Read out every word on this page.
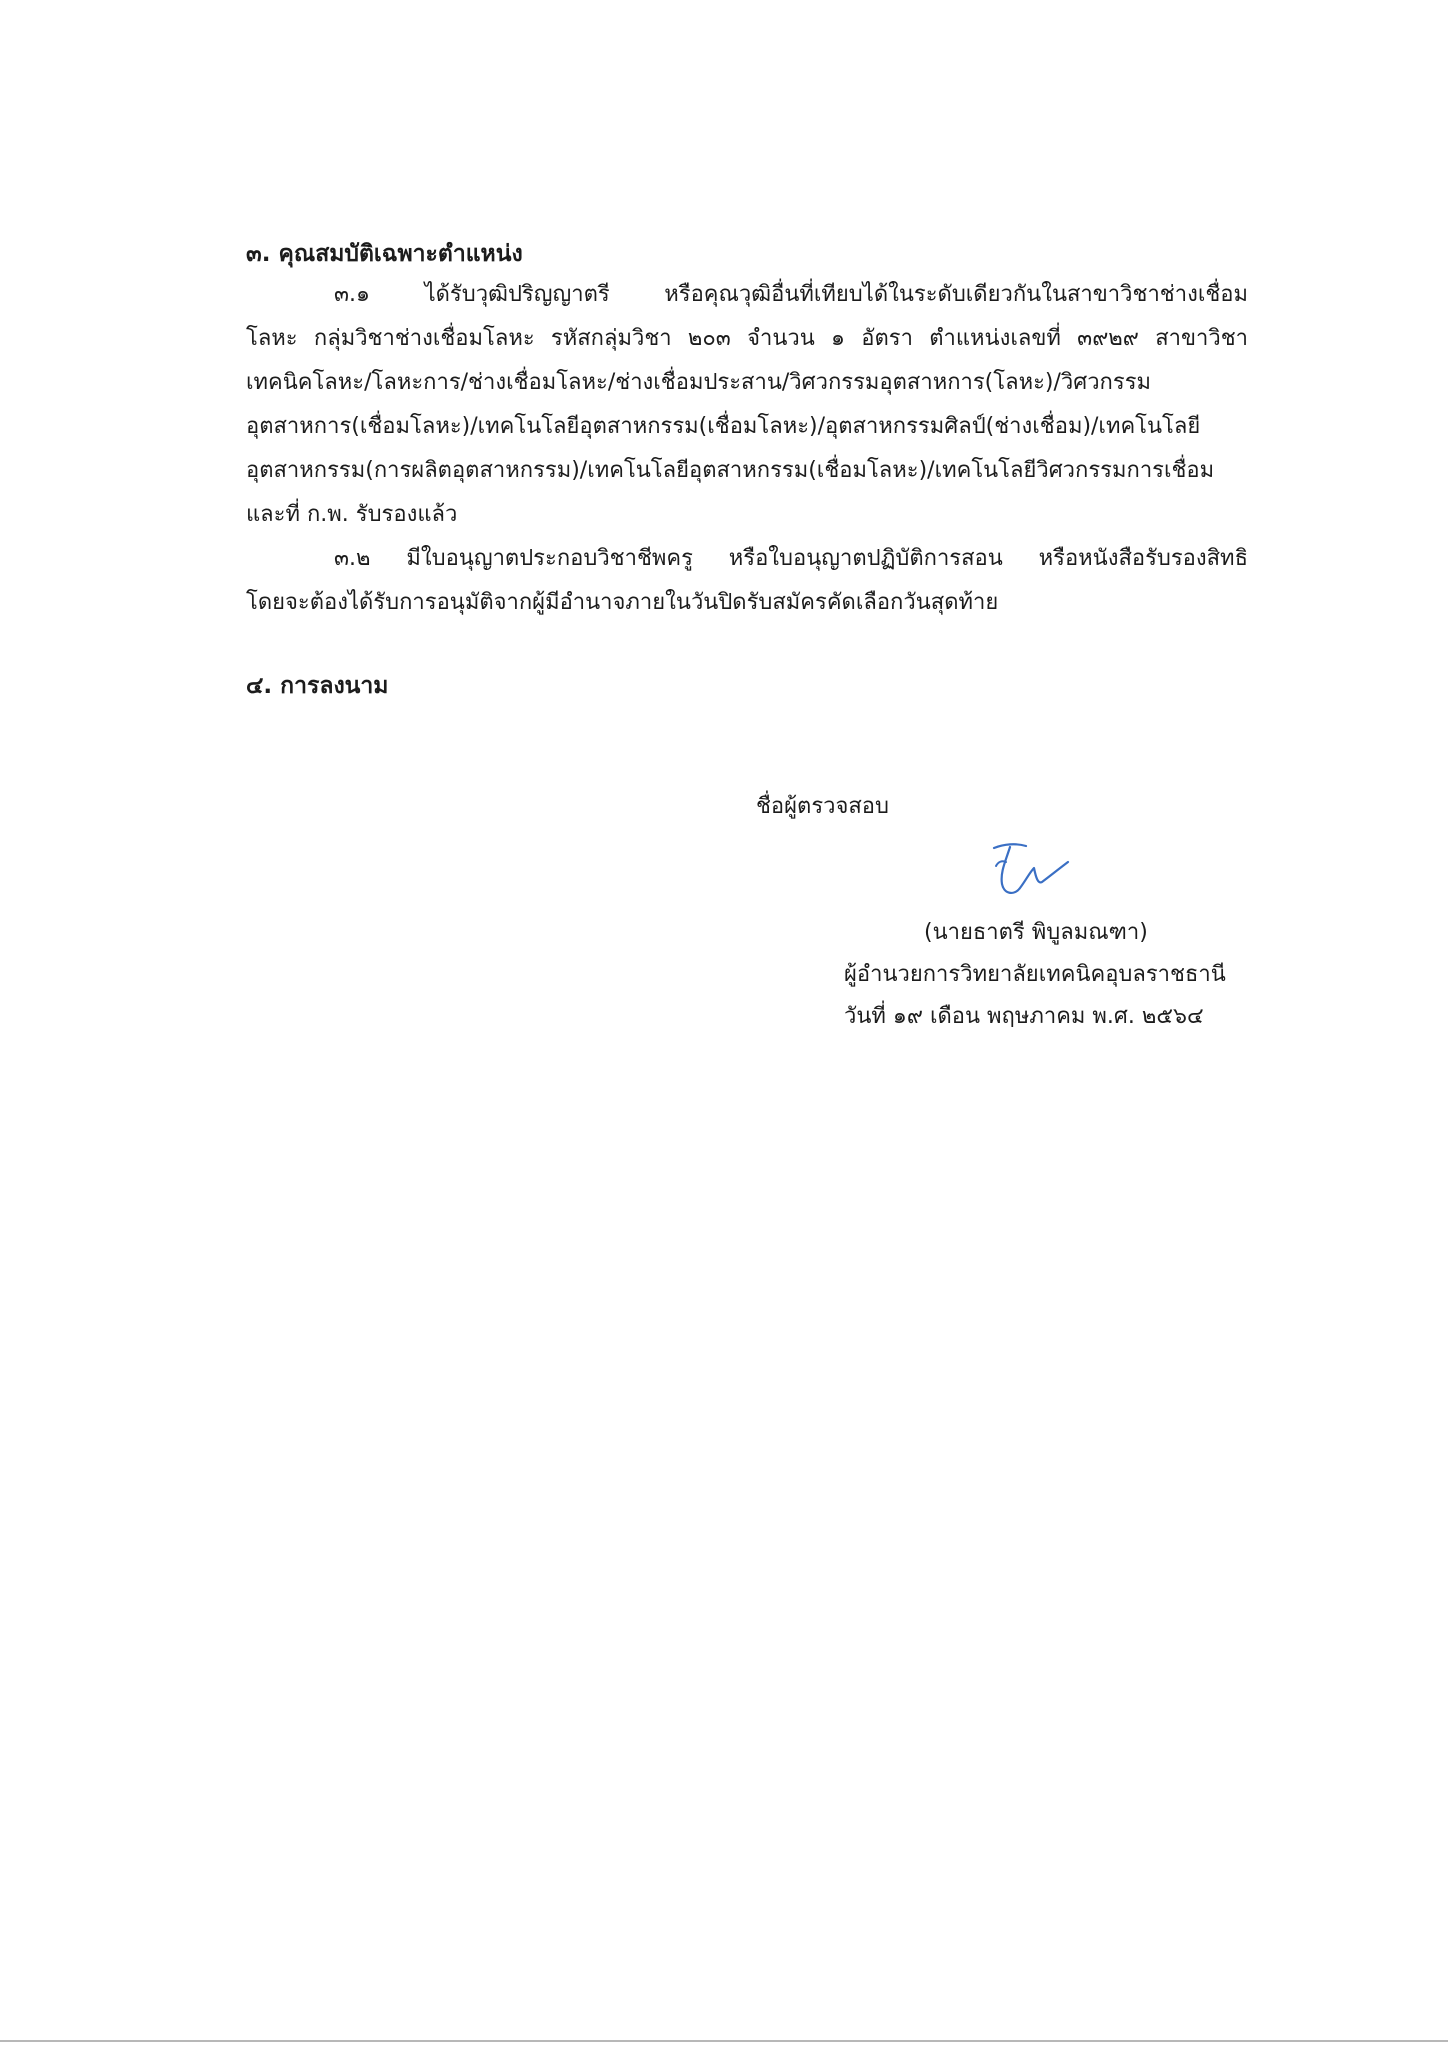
๓. คุณสมบัติเฉพาะตำแหน่ง
๓.๑ ได้รับวุฒิปริญญาตรี หรือคุณวุฒิอื่นที่เทียบได้ในระดับเดียวกันในสาขาวิชาช่างเชื่อม
โลหะ กลุ่มวิชาช่างเชื่อมโลหะ รหัสกลุ่มวิชา ๒๐๓ จำนวน ๑ อัตรา ตำแหน่งเลขที่ ๓๙๒๙ สาขาวิชา
เทคนิคโลหะ/โลหะการ/ช่างเชื่อมโลหะ/ช่างเชื่อมประสาน/วิศวกรรมอุตสาหการ(โลหะ)/วิศวกรรม
อุตสาหการ(เชื่อมโลหะ)/เทคโนโลยีอุตสาหกรรม(เชื่อมโลหะ)/อุตสาหกรรมศิลป์(ช่างเชื่อม)/เทคโนโลยี
อุตสาหกรรม(การผลิตอุตสาหกรรม)/เทคโนโลยีอุตสาหกรรม(เชื่อมโลหะ)/เทคโนโลยีวิศวกรรมการเชื่อม
และที่ ก.พ. รับรองแล้ว
๓.๒ มีใบอนุญาตประกอบวิชาชีพครู หรือใบอนุญาตปฏิบัติการสอน หรือหนังสือรับรองสิทธิ
โดยจะต้องได้รับการอนุมัติจากผู้มีอำนาจภายในวันปิดรับสมัครคัดเลือกวันสุดท้าย
๔. การลงนาม
ชื่อผู้ตรวจสอบ
(นายธาตรี พิบูลมณฑา)
ผู้อำนวยการวิทยาลัยเทคนิคอุบลราชธานี
วันที่ ๑๙ เดือน พฤษภาคม พ.ศ. ๒๕๖๔
